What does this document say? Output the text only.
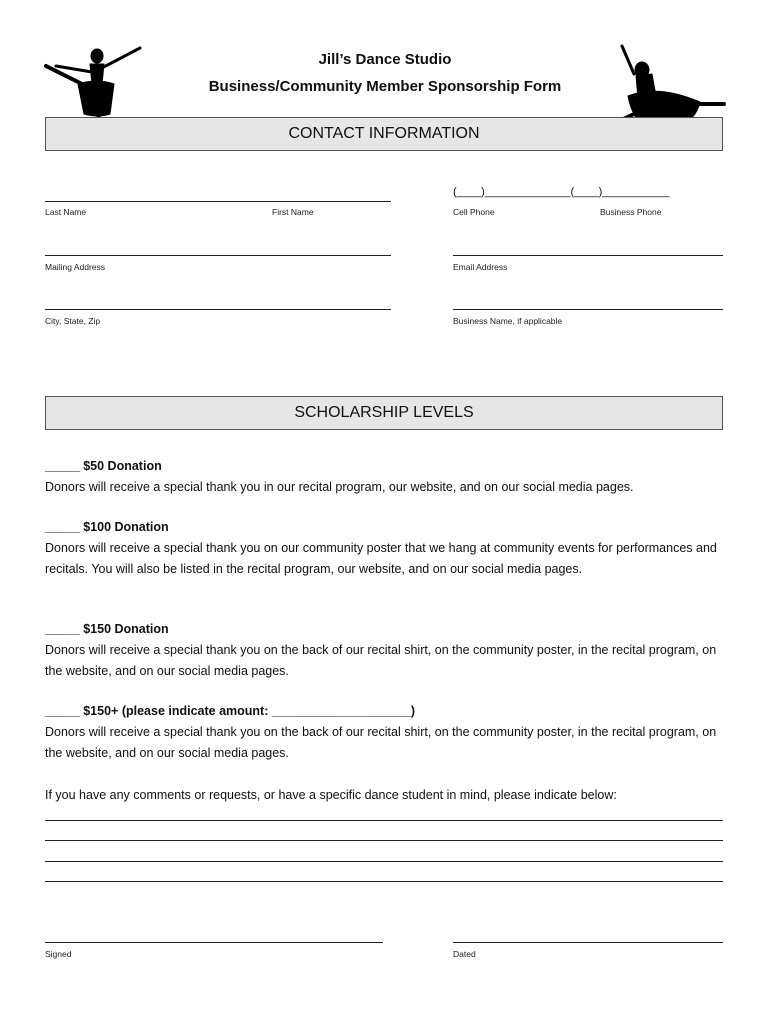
Jill’s Dance Studio
Business/Community Member Sponsorship Form
CONTACT INFORMATION
Last Name	First Name
(____)______________(____)___________
Cell Phone	Business Phone
Mailing Address	Email Address
City, State, Zip	Business Name, if applicable
SCHOLARSHIP LEVELS
_____ $50 Donation
Donors will receive a special thank you in our recital program, our website, and on our social media pages.
_____ $100 Donation
Donors will receive a special thank you on our community poster that we hang at community events for performances and recitals. You will also be listed in the recital program, our website, and on our social media pages.
_____ $150 Donation
Donors will receive a special thank you on the back of our recital shirt, on the community poster, in the recital program, on the website, and on our social media pages.
_____ $150+ (please indicate amount: ____________________)
Donors will receive a special thank you on the back of our recital shirt, on the community poster, in the recital program, on the website, and on our social media pages.
If you have any comments or requests, or have a specific dance student in mind, please indicate below:
Signed	Dated
